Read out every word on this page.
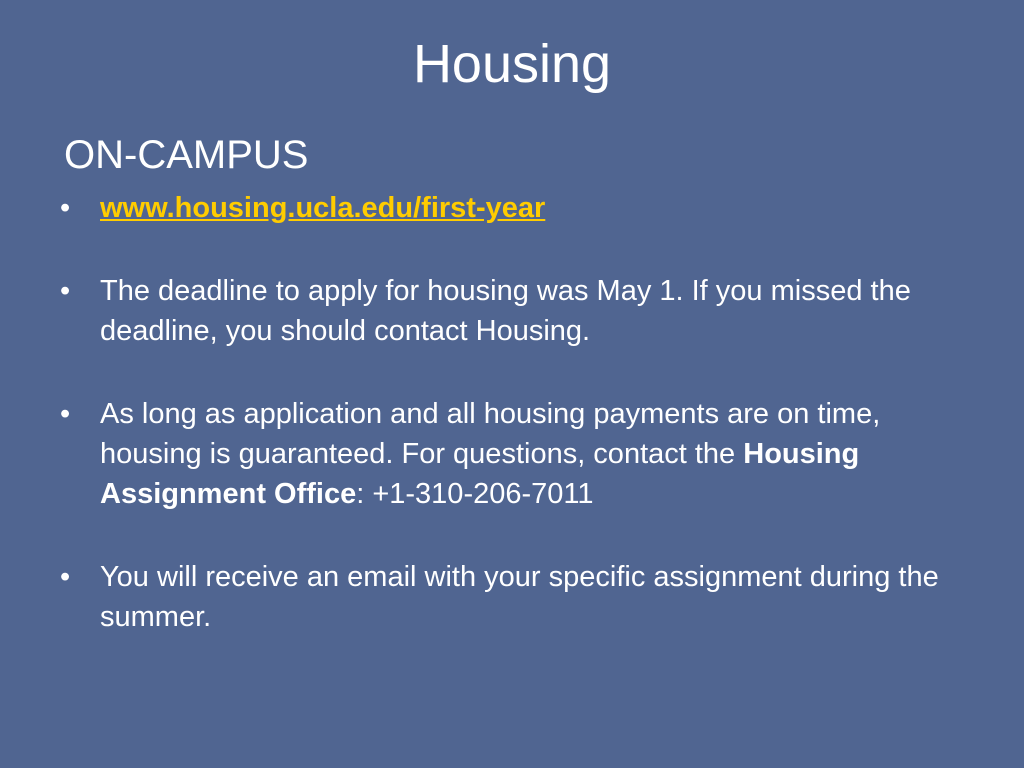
Housing
ON-CAMPUS
• www.housing.ucla.edu/first-year
• The deadline to apply for housing was May 1. If you missed the deadline, you should contact Housing.
• As long as application and all housing payments are on time, housing is guaranteed. For questions, contact the Housing Assignment Office: +1-310-206-7011
• You will receive an email with your specific assignment during the summer.
